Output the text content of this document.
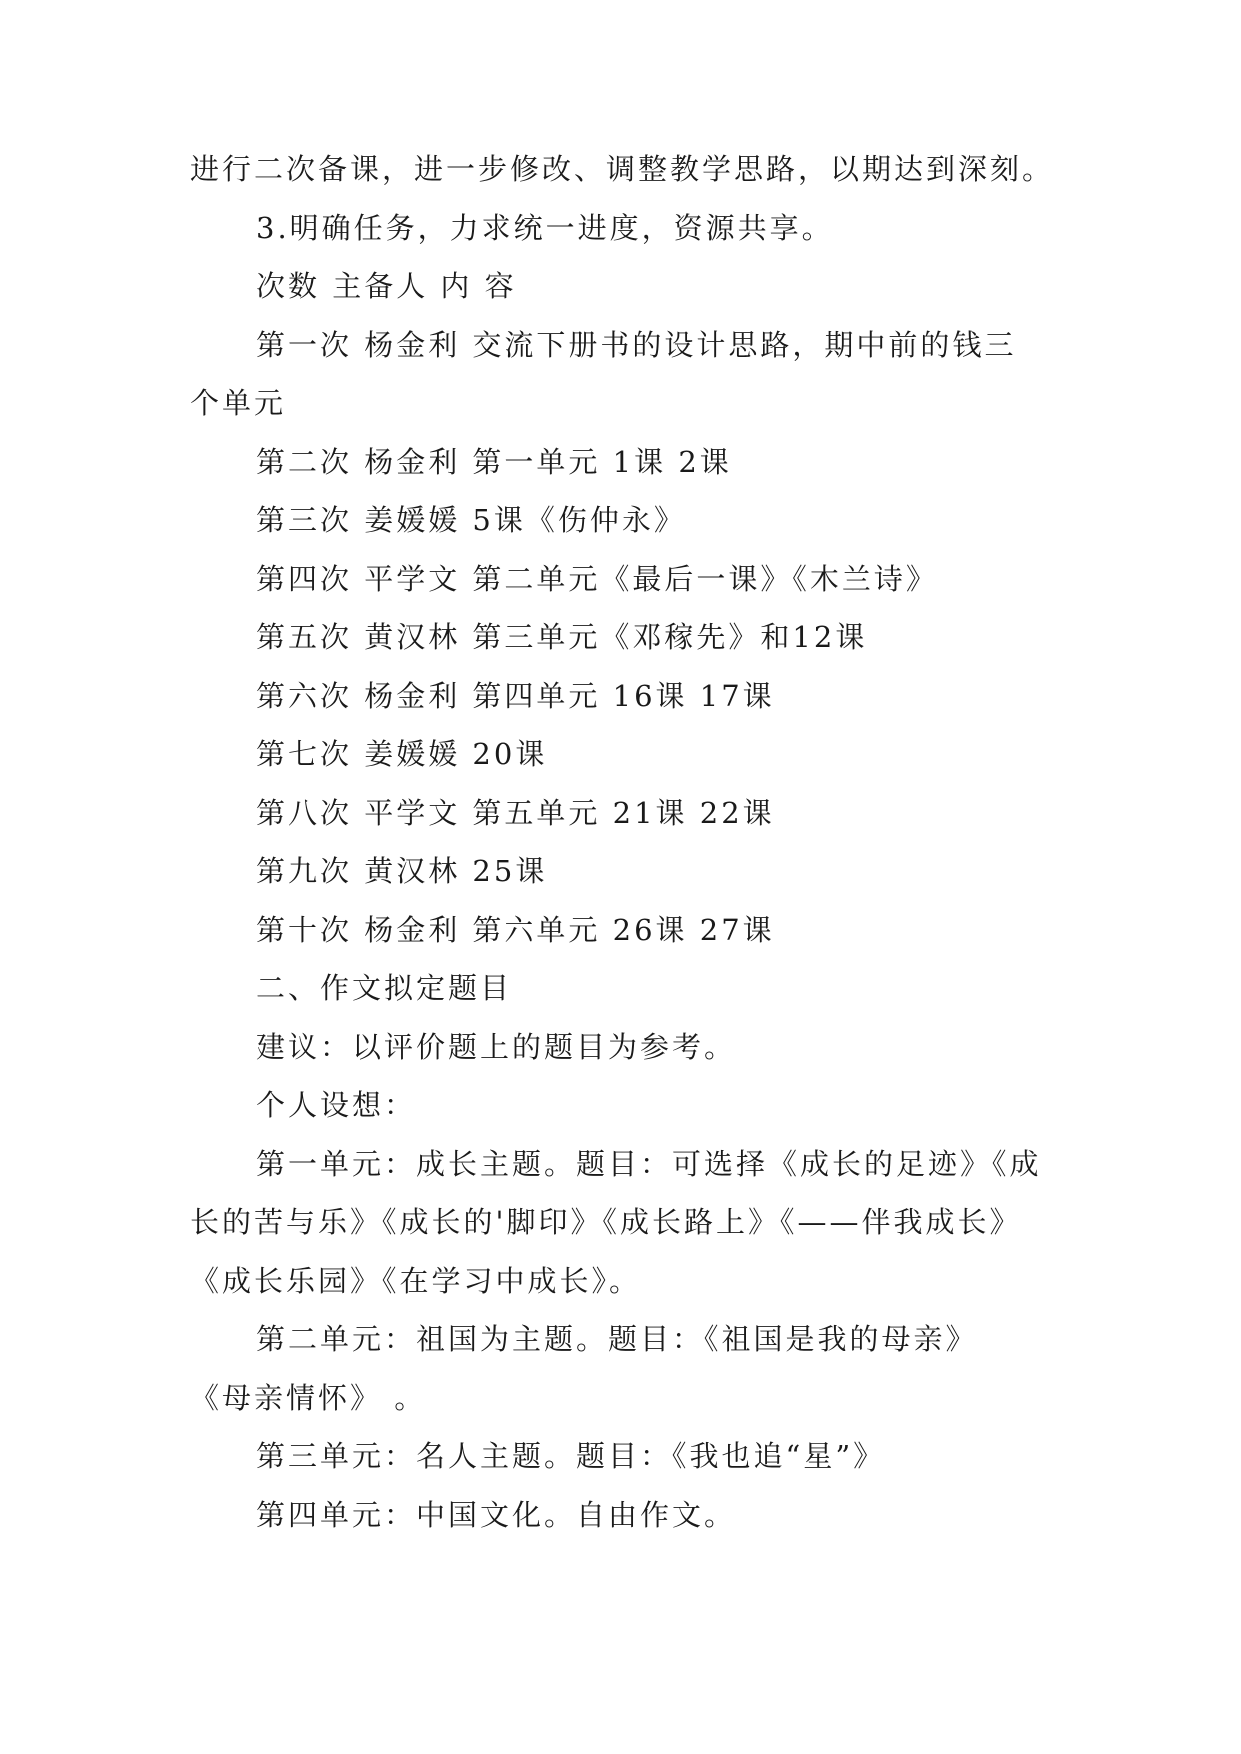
进行二次备课，进一步修改、调整教学思路，以期达到深刻。
3.明确任务，力求统一进度，资源共享。
次数 主备人 内 容
第一次 杨金利 交流下册书的设计思路，期中前的钱三
个单元
第二次 杨金利 第一单元 1课 2课
第三次 姜媛媛 5课《伤仲永》
第四次 平学文 第二单元《最后一课》《木兰诗》
第五次 黄汉林 第三单元《邓稼先》和12课
第六次 杨金利 第四单元 16课 17课
第七次 姜媛媛 20课
第八次 平学文 第五单元 21课 22课
第九次 黄汉林 25课
第十次 杨金利 第六单元 26课 27课
二、作文拟定题目
建议：以评价题上的题目为参考。
个人设想：
第一单元：成长主题。题目：可选择《成长的足迹》《成
长的苦与乐》《成长的'脚印》《成长路上》《——伴我成长》
《成长乐园》《在学习中成长》。
第二单元：祖国为主题。题目：《祖国是我的母亲》
《母亲情怀》 。
第三单元：名人主题。题目：《我也追“星”》
第四单元：中国文化。自由作文。
